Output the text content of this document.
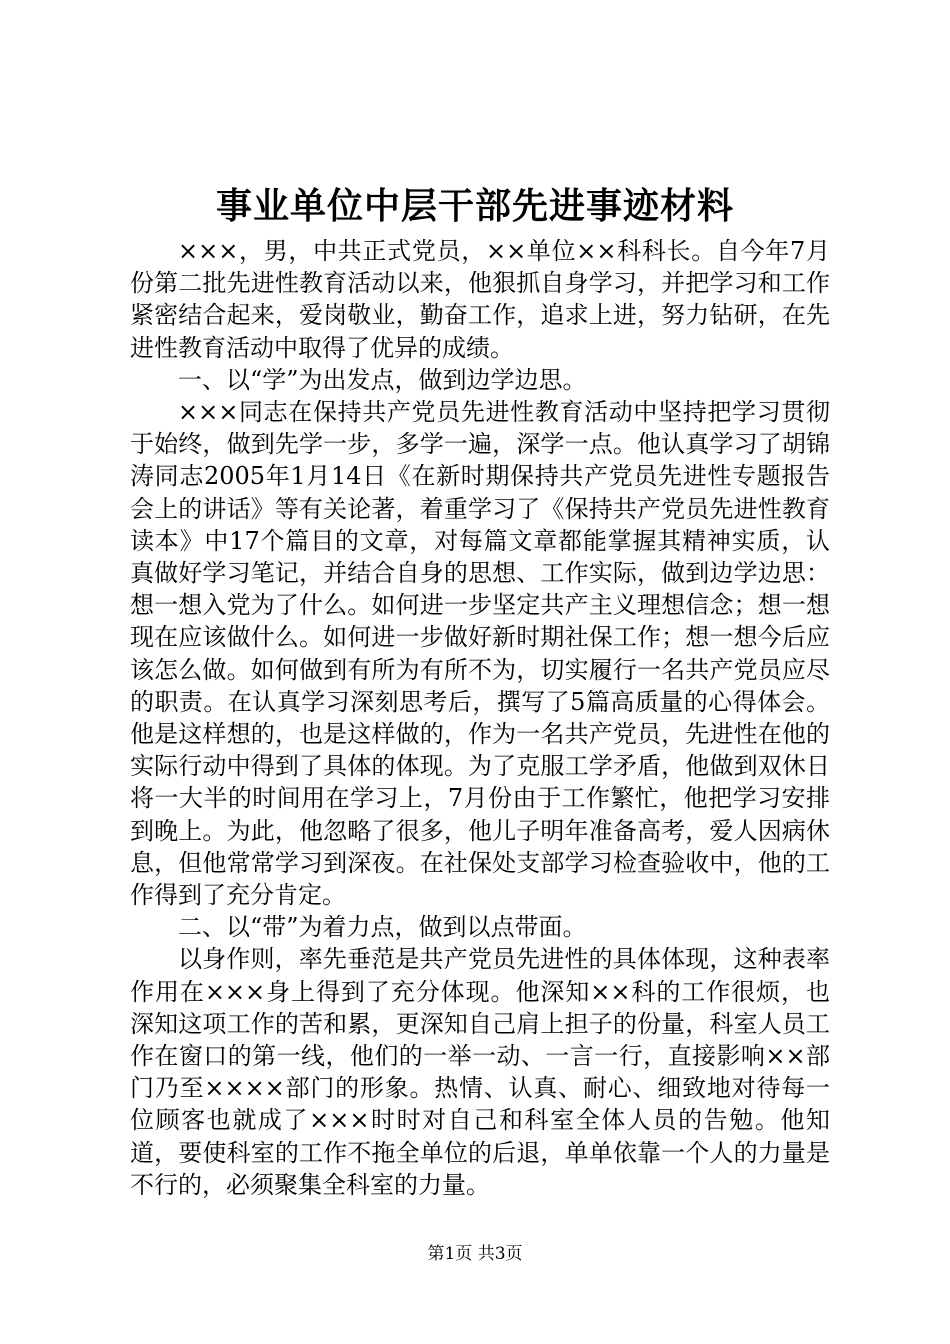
事业单位中层干部先进事迹材料

×××，男，中共正式党员，××单位××科科长。自今年7月份第二批先进性教育活动以来，他狠抓自身学习，并把学习和工作紧密结合起来，爱岗敬业，勤奋工作，追求上进，努力钻研，在先进性教育活动中取得了优异的成绩。

一、以“学”为出发点，做到边学边思。

×××同志在保持共产党员先进性教育活动中坚持把学习贯彻于始终，做到先学一步，多学一遍，深学一点。他认真学习了胡锦涛同志2005年1月14日《在新时期保持共产党员先进性专题报告会上的讲话》等有关论著，着重学习了《保持共产党员先进性教育读本》中17个篇目的文章，对每篇文章都能掌握其精神实质，认真做好学习笔记，并结合自身的思想、工作实际，做到边学边思：想一想入党为了什么。如何进一步坚定共产主义理想信念；想一想现在应该做什么。如何进一步做好新时期社保工作；想一想今后应该怎么做。如何做到有所为有所不为，切实履行一名共产党员应尽的职责。在认真学习深刻思考后，撰写了5篇高质量的心得体会。他是这样想的，也是这样做的，作为一名共产党员，先进性在他的实际行动中得到了具体的体现。为了克服工学矛盾，他做到双休日将一大半的时间用在学习上，7月份由于工作繁忙，他把学习安排到晚上。为此，他忽略了很多，他儿子明年准备高考，爱人因病休息，但他常常学习到深夜。在社保处支部学习检查验收中，他的工作得到了充分肯定。

二、以“带”为着力点，做到以点带面。

以身作则，率先垂范是共产党员先进性的具体体现，这种表率作用在×××身上得到了充分体现。他深知××科的工作很烦，也深知这项工作的苦和累，更深知自己肩上担子的份量，科室人员工作在窗口的第一线，他们的一举一动、一言一行，直接影响××部门乃至××××部门的形象。热情、认真、耐心、细致地对待每一位顾客也就成了×××时时对自己和科室全体人员的告勉。他知道，要使科室的工作不拖全单位的后退，单单依靠一个人的力量是不行的，必须聚集全科室的力量。

第1页 共3页
